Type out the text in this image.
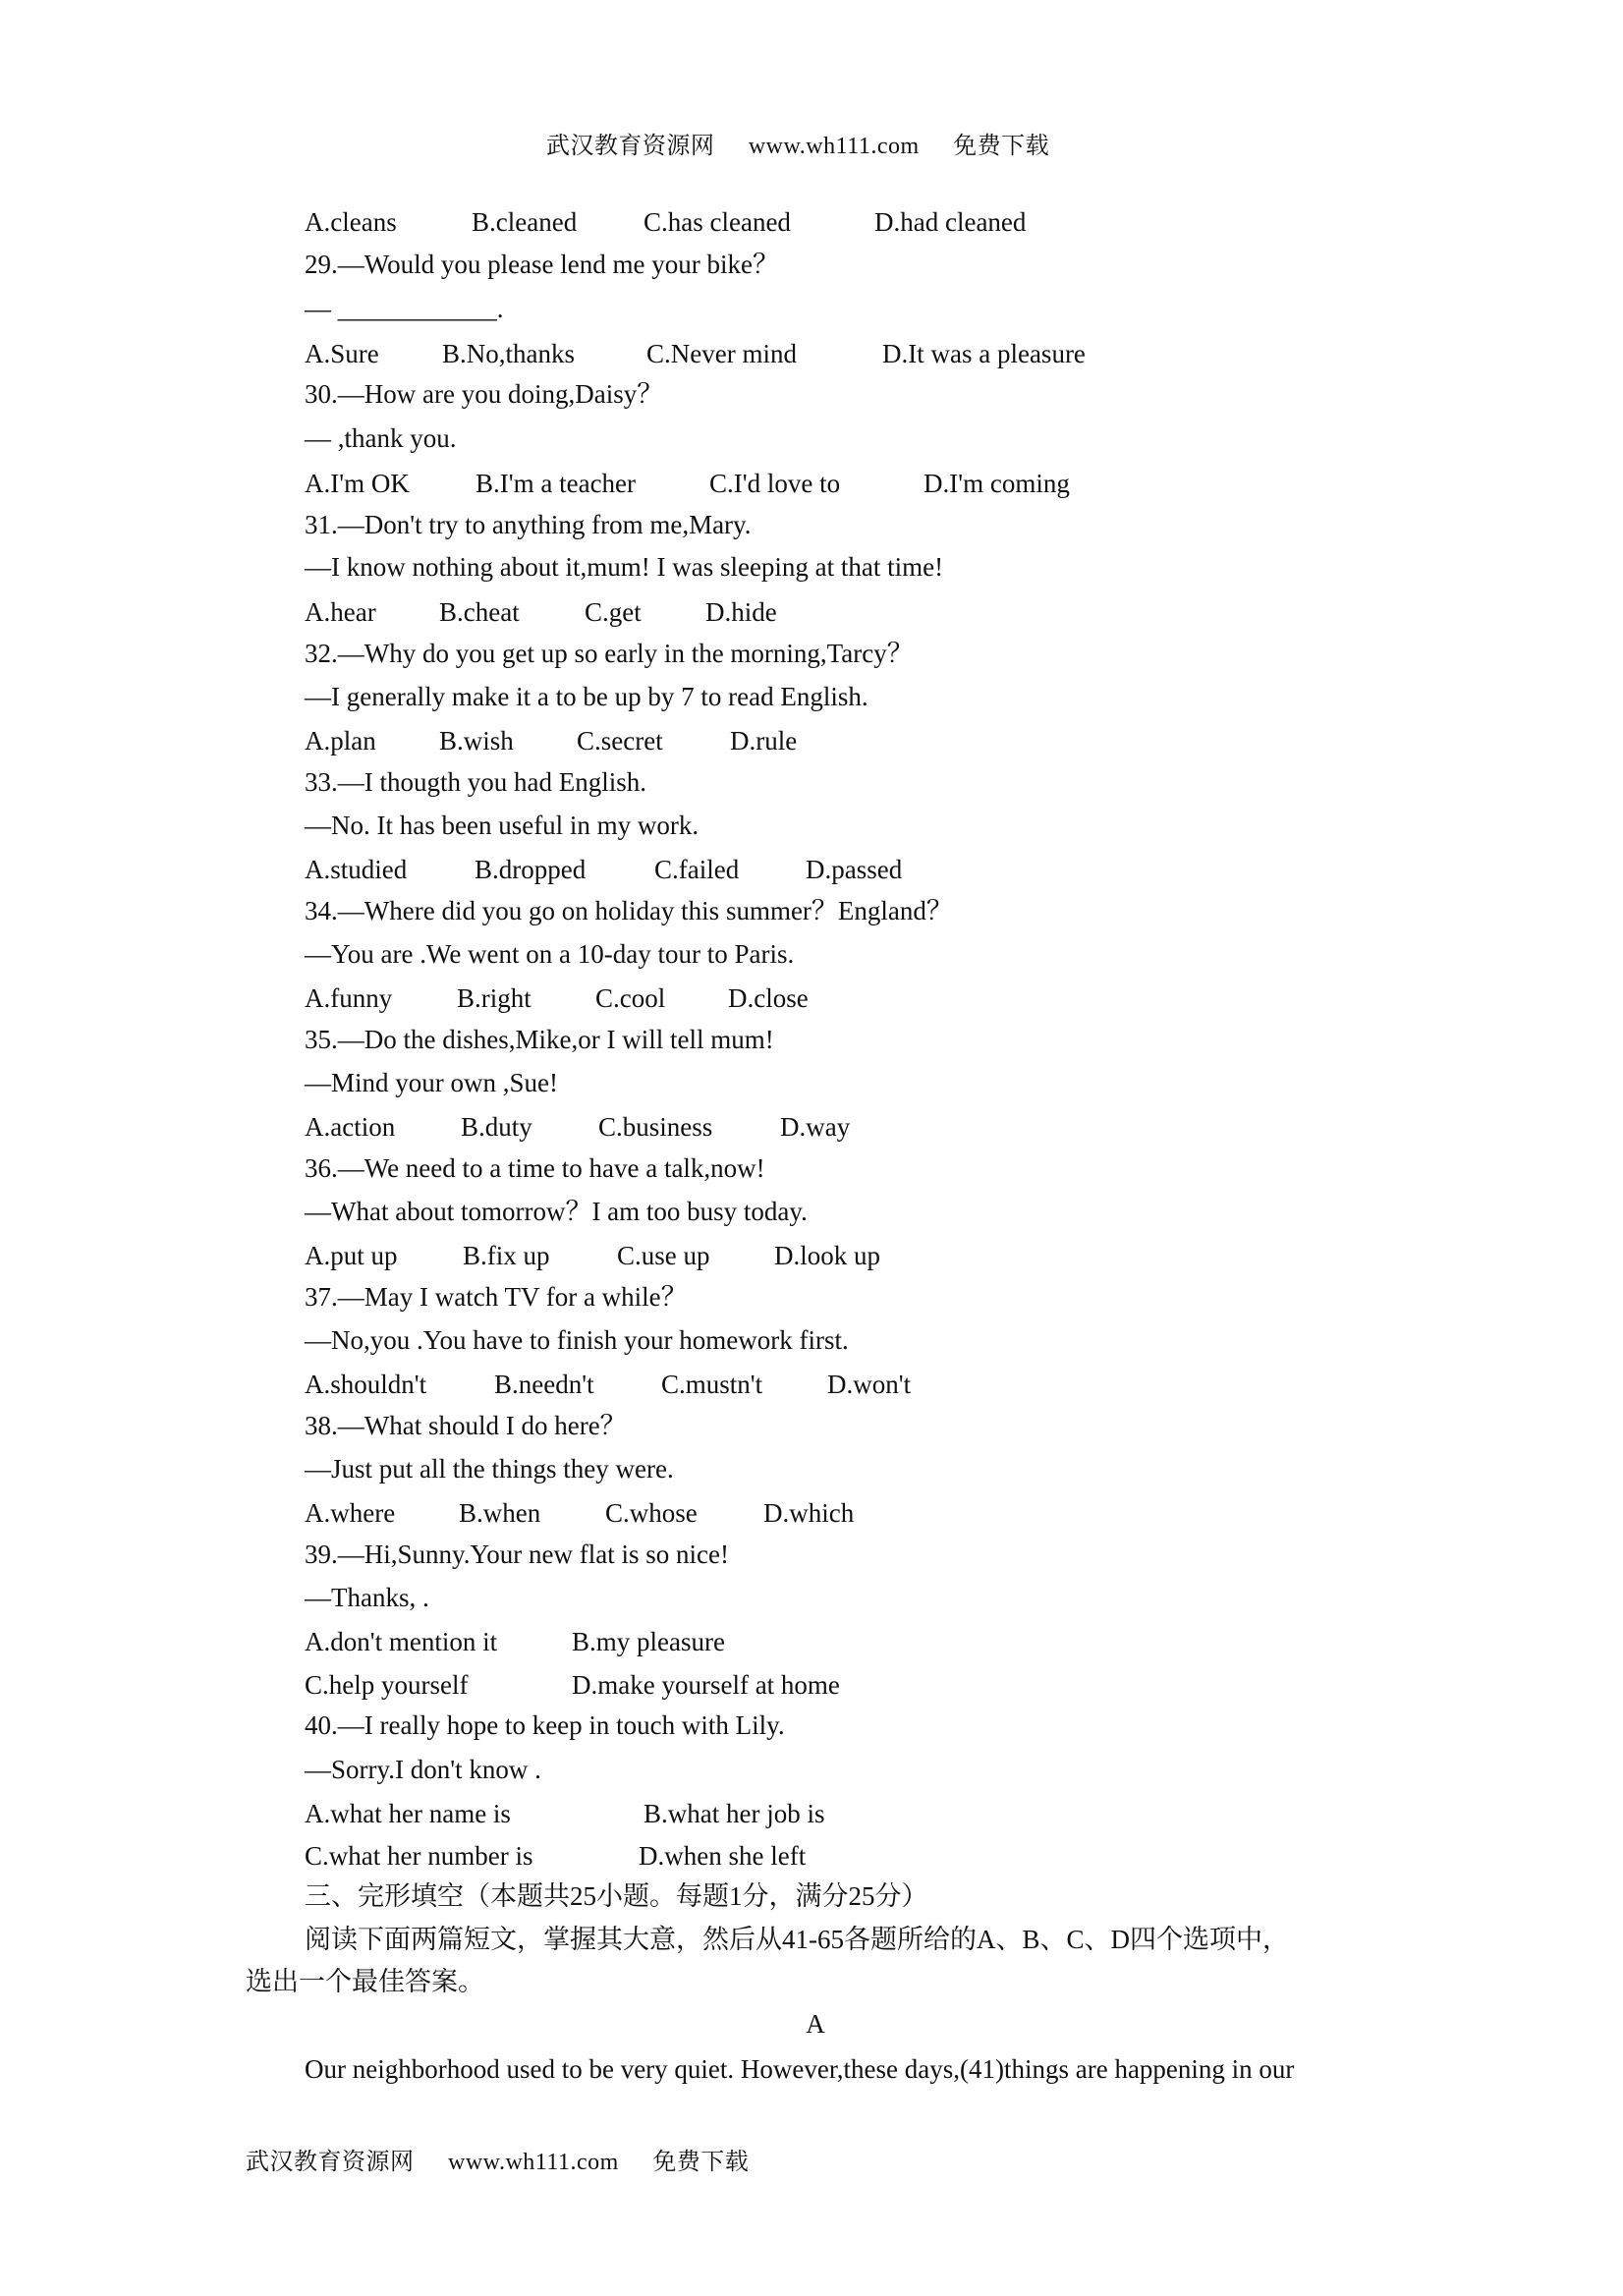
武汉教育资源网 www.wh111.com 免费下载
A.cleans	B.cleaned	C.has cleaned	D.had cleaned
29.—Would you please lend me your bike？
— ____________.
A.Sure B.No,thanks	C.Never mind	D.It was a pleasure
30.—How are you doing,Daisy？
— ,thank you.
A.I'm OK B.I'm a teacher	C.I'd love to	D.I'm coming
31.—Don't try to anything from me,Mary.
—I know nothing about it,mum! I was sleeping at that time!
A.hear B.cheat C.get D.hide
32.—Why do you get up so early in the morning,Tarcy？
—I generally make it a to be up by 7 to read English.
A.plan B.wish C.secret	D.rule
33.—I thougth you had English.
—No. It has been useful in my work.
A.studied	B.dropped	C.failed	D.passed
34.—Where did you go on holiday this summer？England？
—You are .We went on a 10-day tour to Paris.
A.funny B.right C.cool D.close
35.—Do the dishes,Mike,or I will tell mum!
—Mind your own ,Sue!
A.action B.duty C.business	D.way
36.—We need to a time to have a talk,now!
—What about tomorrow？I am too busy today.
A.put up B.fix up	C.use up D.look up
37.—May I watch TV for a while？
—No,you .You have to finish your homework first.
A.shouldn't	B.needn't	C.mustn't D.won't
38.—What should I do here？
—Just put all the things they were.
A.where B.when C.whose D.which
39.—Hi,Sunny.Your new flat is so nice!
—Thanks, .
A.don't mention it	B.my pleasure
C.help yourself	D.make yourself at home
40.—I really hope to keep in touch with Lily.
—Sorry.I don't know .
A.what her name is	B.what her job is
C.what her number is	D.when she left
三、完形填空（本题共25小题。每题1分，满分25分）
阅读下面两篇短文，掌握其大意，然后从41-65各题所给的A、B、C、D四个选项中，
选出一个最佳答案。
A
Our neighborhood used to be very quiet. However,these days,(41)things are happening in our
武汉教育资源网 www.wh111.com 免费下载
